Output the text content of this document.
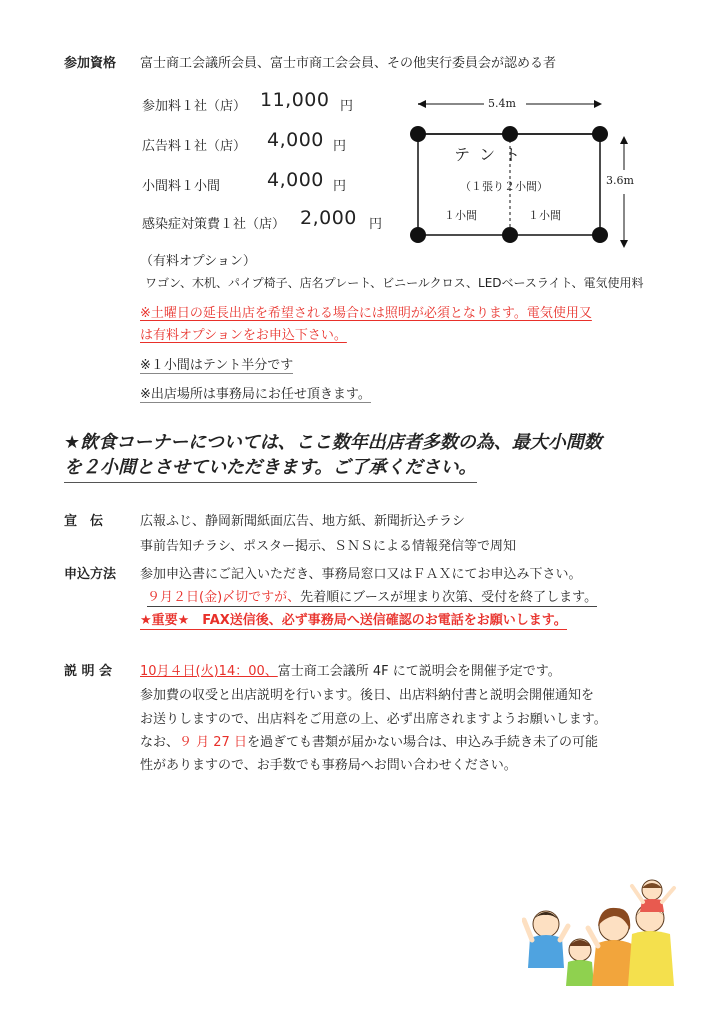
参加資格 富士商工会議所会員、富士市商工会会員、その他実行委員会が認める者
参加料１社（店） 11,000 円
広告料１社（店） 4,000 円
小間料１小間 4,000 円
感染症対策費１社（店） 2,000 円
5.4m
3.6m
テ ン ト
（１張り２小間）
１小間	１小間
（有料オプション）
ワゴン、木机、パイプ椅子、店名プレート、ビニールクロス、LEDベースライト、電気使用料
※土曜日の延長出店を希望される場合には照明が必須となります。電気使用又
は有料オプションをお申込下さい。
※１小間はテント半分です
※出店場所は事務局にお任せ頂きます。
★飲食コーナーについては、ここ数年出店者多数の為、最大小間数
を２小間とさせていただきます。ご了承ください。
宣　伝	広報ふじ、静岡新聞紙面広告、地方紙、新聞折込チラシ
事前告知チラシ、ポスター掲示、ＳＮＳによる情報発信等で周知
申込方法 参加申込書にご記入いただき、事務局窓口又はＦＡＸにてお申込み下さい。
９月２日(金)〆切ですが、先着順にブースが埋まり次第、受付を終了します。
★重要★　FAX送信後、必ず事務局へ送信確認のお電話をお願いします。
説 明 会 10月４日(火)14：00、富士商工会議所 4F にて説明会を開催予定です。
参加費の収受と出店説明を行います。後日、出店料納付書と説明会開催通知を
お送りしますので、出店料をご用意の上、必ず出席されますようお願いします。
なお、９ 月 27 日を過ぎても書類が届かない場合は、申込み手続き未了の可能
性がありますので、お手数でも事務局へお問い合わせください。
